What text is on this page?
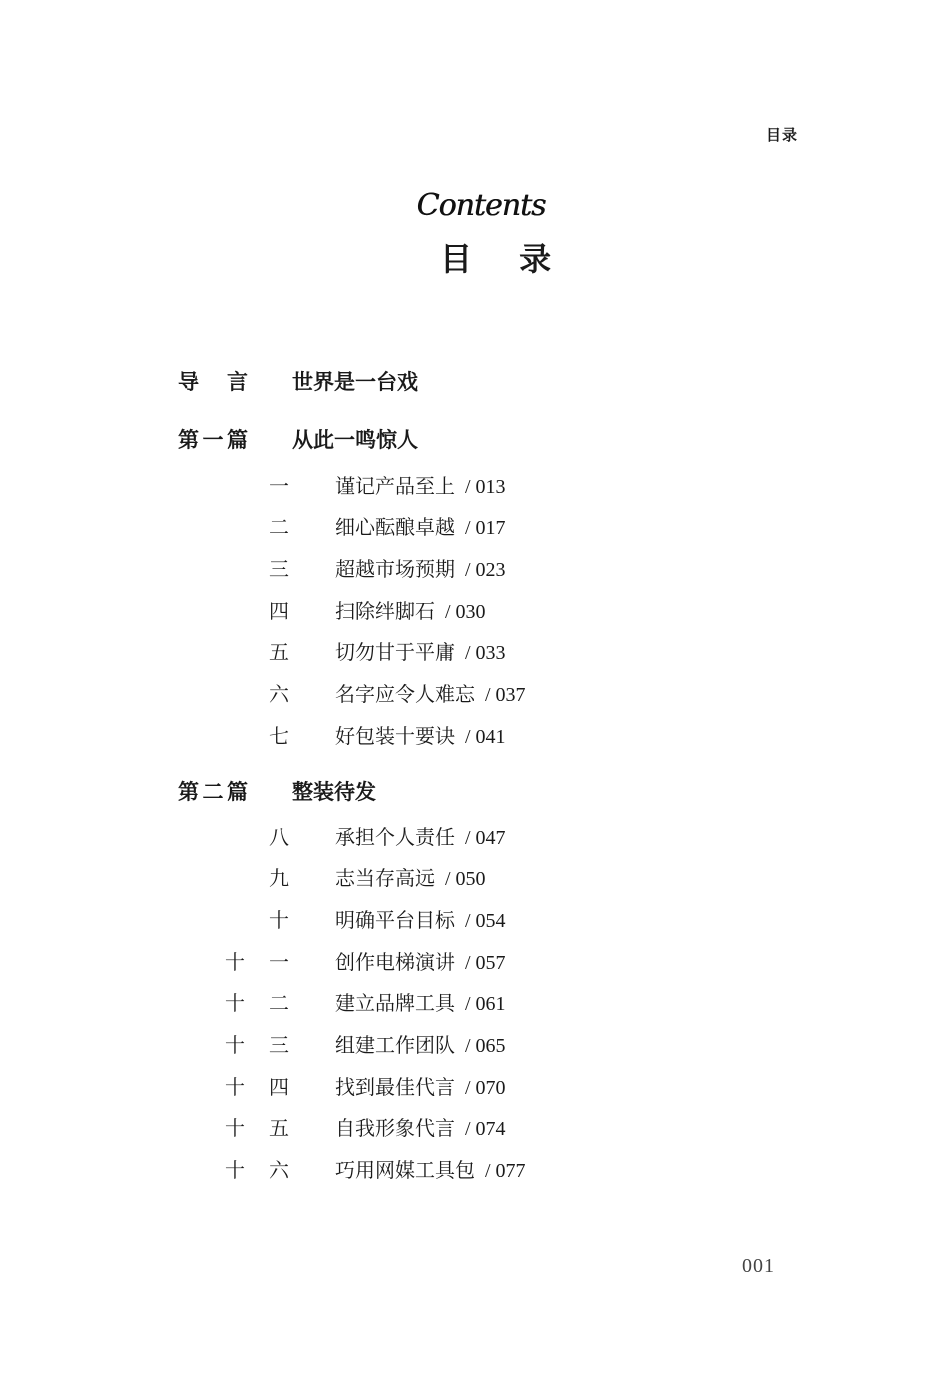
目录
Contents
目 录
导 言 世界是一台戏
第一篇 从此一鸣惊人
一 谨记产品至上 / 013
二 细心酝酿卓越 / 017
三 超越市场预期 / 023
四 扫除绊脚石 / 030
五 切勿甘于平庸 / 033
六 名字应令人难忘 / 037
七 好包装十要诀 / 041
第二篇 整装待发
八 承担个人责任 / 047
九 志当存高远 / 050
十 明确平台目标 / 054
十 一 创作电梯演讲 / 057
十 二 建立品牌工具 / 061
十 三 组建工作团队 / 065
十 四 找到最佳代言 / 070
十 五 自我形象代言 / 074
十 六 巧用网媒工具包 / 077
001
